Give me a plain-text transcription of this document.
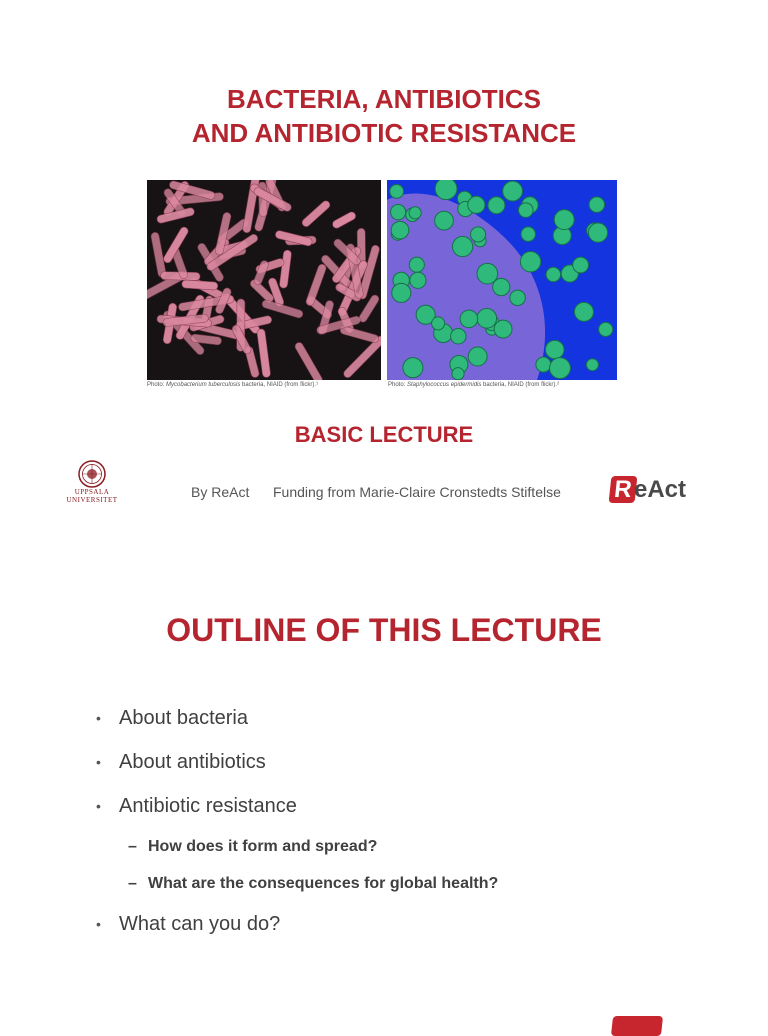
BACTERIA, ANTIBIOTICS
AND ANTIBIOTIC RESISTANCE
Photo: Mycobacterium tuberculosis bacteria, NIAID (from flickr).¹	Photo: Staphylococcus epidermidis bacteria, NIAID (from flickr).²
BASIC LECTURE
UPPSALA
UNIVERSITET	By ReAct Funding from Marie-Claire Cronstedts Stiftelse R eAct
OUTLINE OF THIS LECTURE
• About bacteria
• About antibiotics
• Antibiotic resistance
– How does it form and spread?
– What are the consequences for global health?
• What can you do?
